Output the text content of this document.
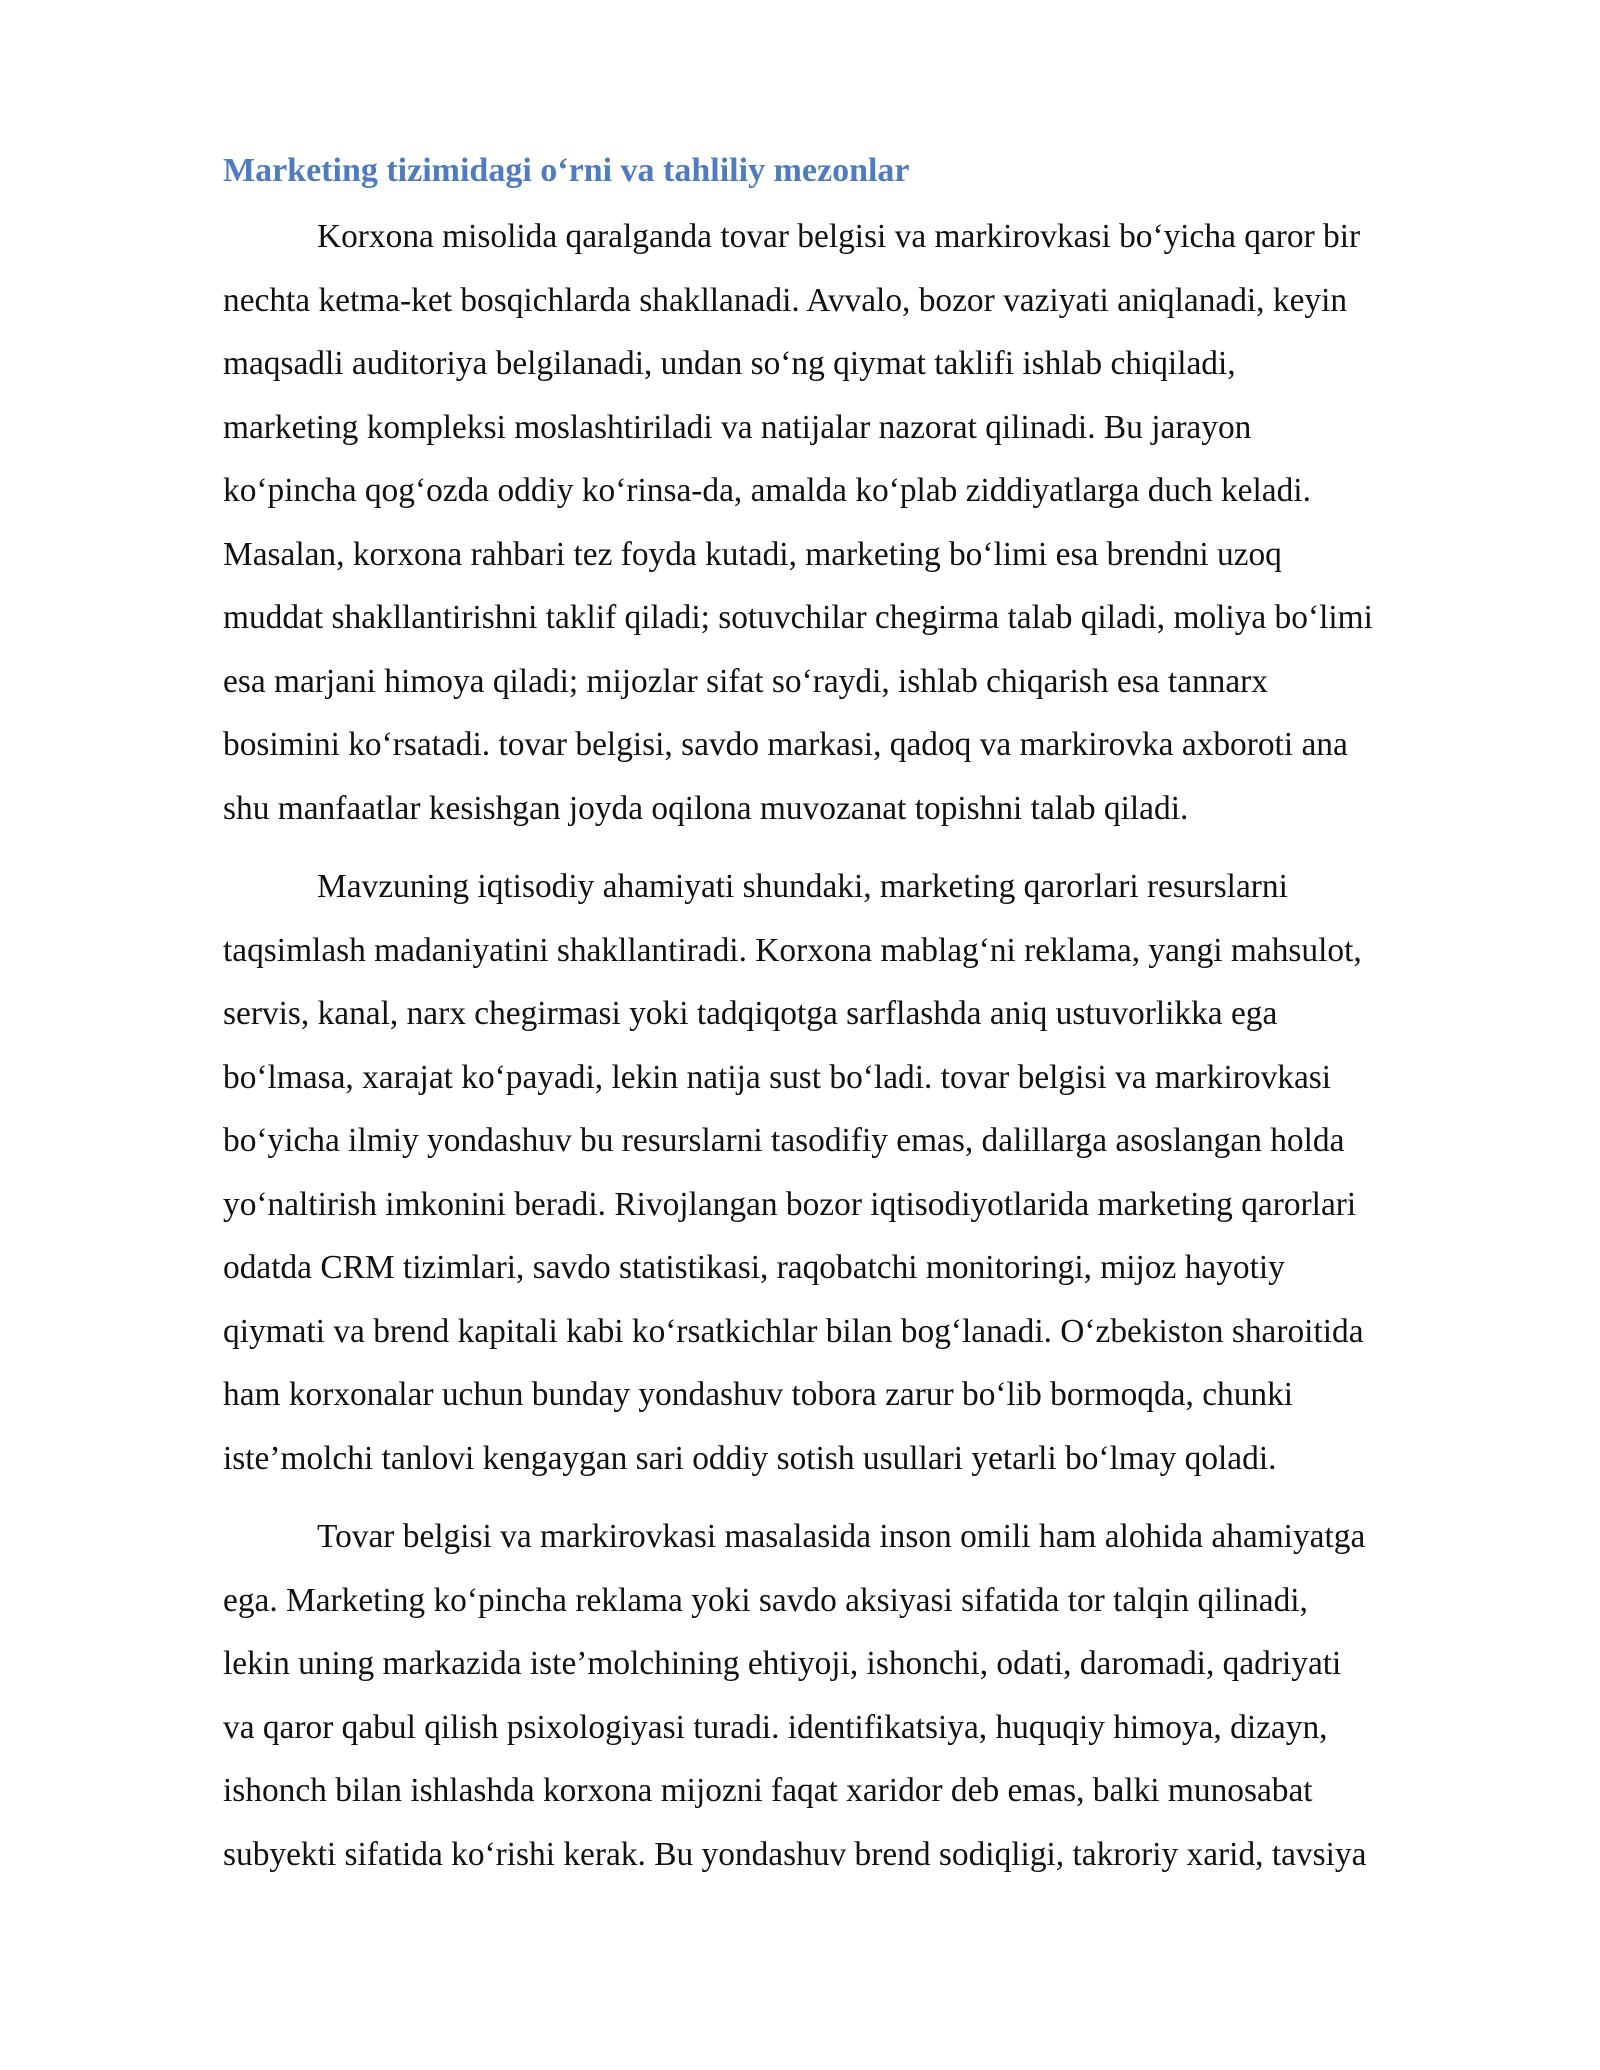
Marketing tizimidagi o‘rni va tahliliy mezonlar

Korxona misolida qaralganda tovar belgisi va markirovkasi bo‘yicha qaror bir
nechta ketma-ket bosqichlarda shakllanadi. Avvalo, bozor vaziyati aniqlanadi, keyin
maqsadli auditoriya belgilanadi, undan so‘ng qiymat taklifi ishlab chiqiladi,
marketing kompleksi moslashtiriladi va natijalar nazorat qilinadi. Bu jarayon
ko‘pincha qog‘ozda oddiy ko‘rinsa-da, amalda ko‘plab ziddiyatlarga duch keladi.
Masalan, korxona rahbari tez foyda kutadi, marketing bo‘limi esa brendni uzoq
muddat shakllantirishni taklif qiladi; sotuvchilar chegirma talab qiladi, moliya bo‘limi
esa marjani himoya qiladi; mijozlar sifat so‘raydi, ishlab chiqarish esa tannarx
bosimini ko‘rsatadi. tovar belgisi, savdo markasi, qadoq va markirovka axboroti ana
shu manfaatlar kesishgan joyda oqilona muvozanat topishni talab qiladi.

Mavzuning iqtisodiy ahamiyati shundaki, marketing qarorlari resurslarni
taqsimlash madaniyatini shakllantiradi. Korxona mablag‘ni reklama, yangi mahsulot,
servis, kanal, narx chegirmasi yoki tadqiqotga sarflashda aniq ustuvorlikka ega
bo‘lmasa, xarajat ko‘payadi, lekin natija sust bo‘ladi. tovar belgisi va markirovkasi
bo‘yicha ilmiy yondashuv bu resurslarni tasodifiy emas, dalillarga asoslangan holda
yo‘naltirish imkonini beradi. Rivojlangan bozor iqtisodiyotlarida marketing qarorlari
odatda CRM tizimlari, savdo statistikasi, raqobatchi monitoringi, mijoz hayotiy
qiymati va brend kapitali kabi ko‘rsatkichlar bilan bog‘lanadi. O‘zbekiston sharoitida
ham korxonalar uchun bunday yondashuv tobora zarur bo‘lib bormoqda, chunki
iste’molchi tanlovi kengaygan sari oddiy sotish usullari yetarli bo‘lmay qoladi.

Tovar belgisi va markirovkasi masalasida inson omili ham alohida ahamiyatga
ega. Marketing ko‘pincha reklama yoki savdo aksiyasi sifatida tor talqin qilinadi,
lekin uning markazida iste’molchining ehtiyoji, ishonchi, odati, daromadi, qadriyati
va qaror qabul qilish psixologiyasi turadi. identifikatsiya, huquqiy himoya, dizayn,
ishonch bilan ishlashda korxona mijozni faqat xaridor deb emas, balki munosabat
subyekti sifatida ko‘rishi kerak. Bu yondashuv brend sodiqligi, takroriy xarid, tavsiya
